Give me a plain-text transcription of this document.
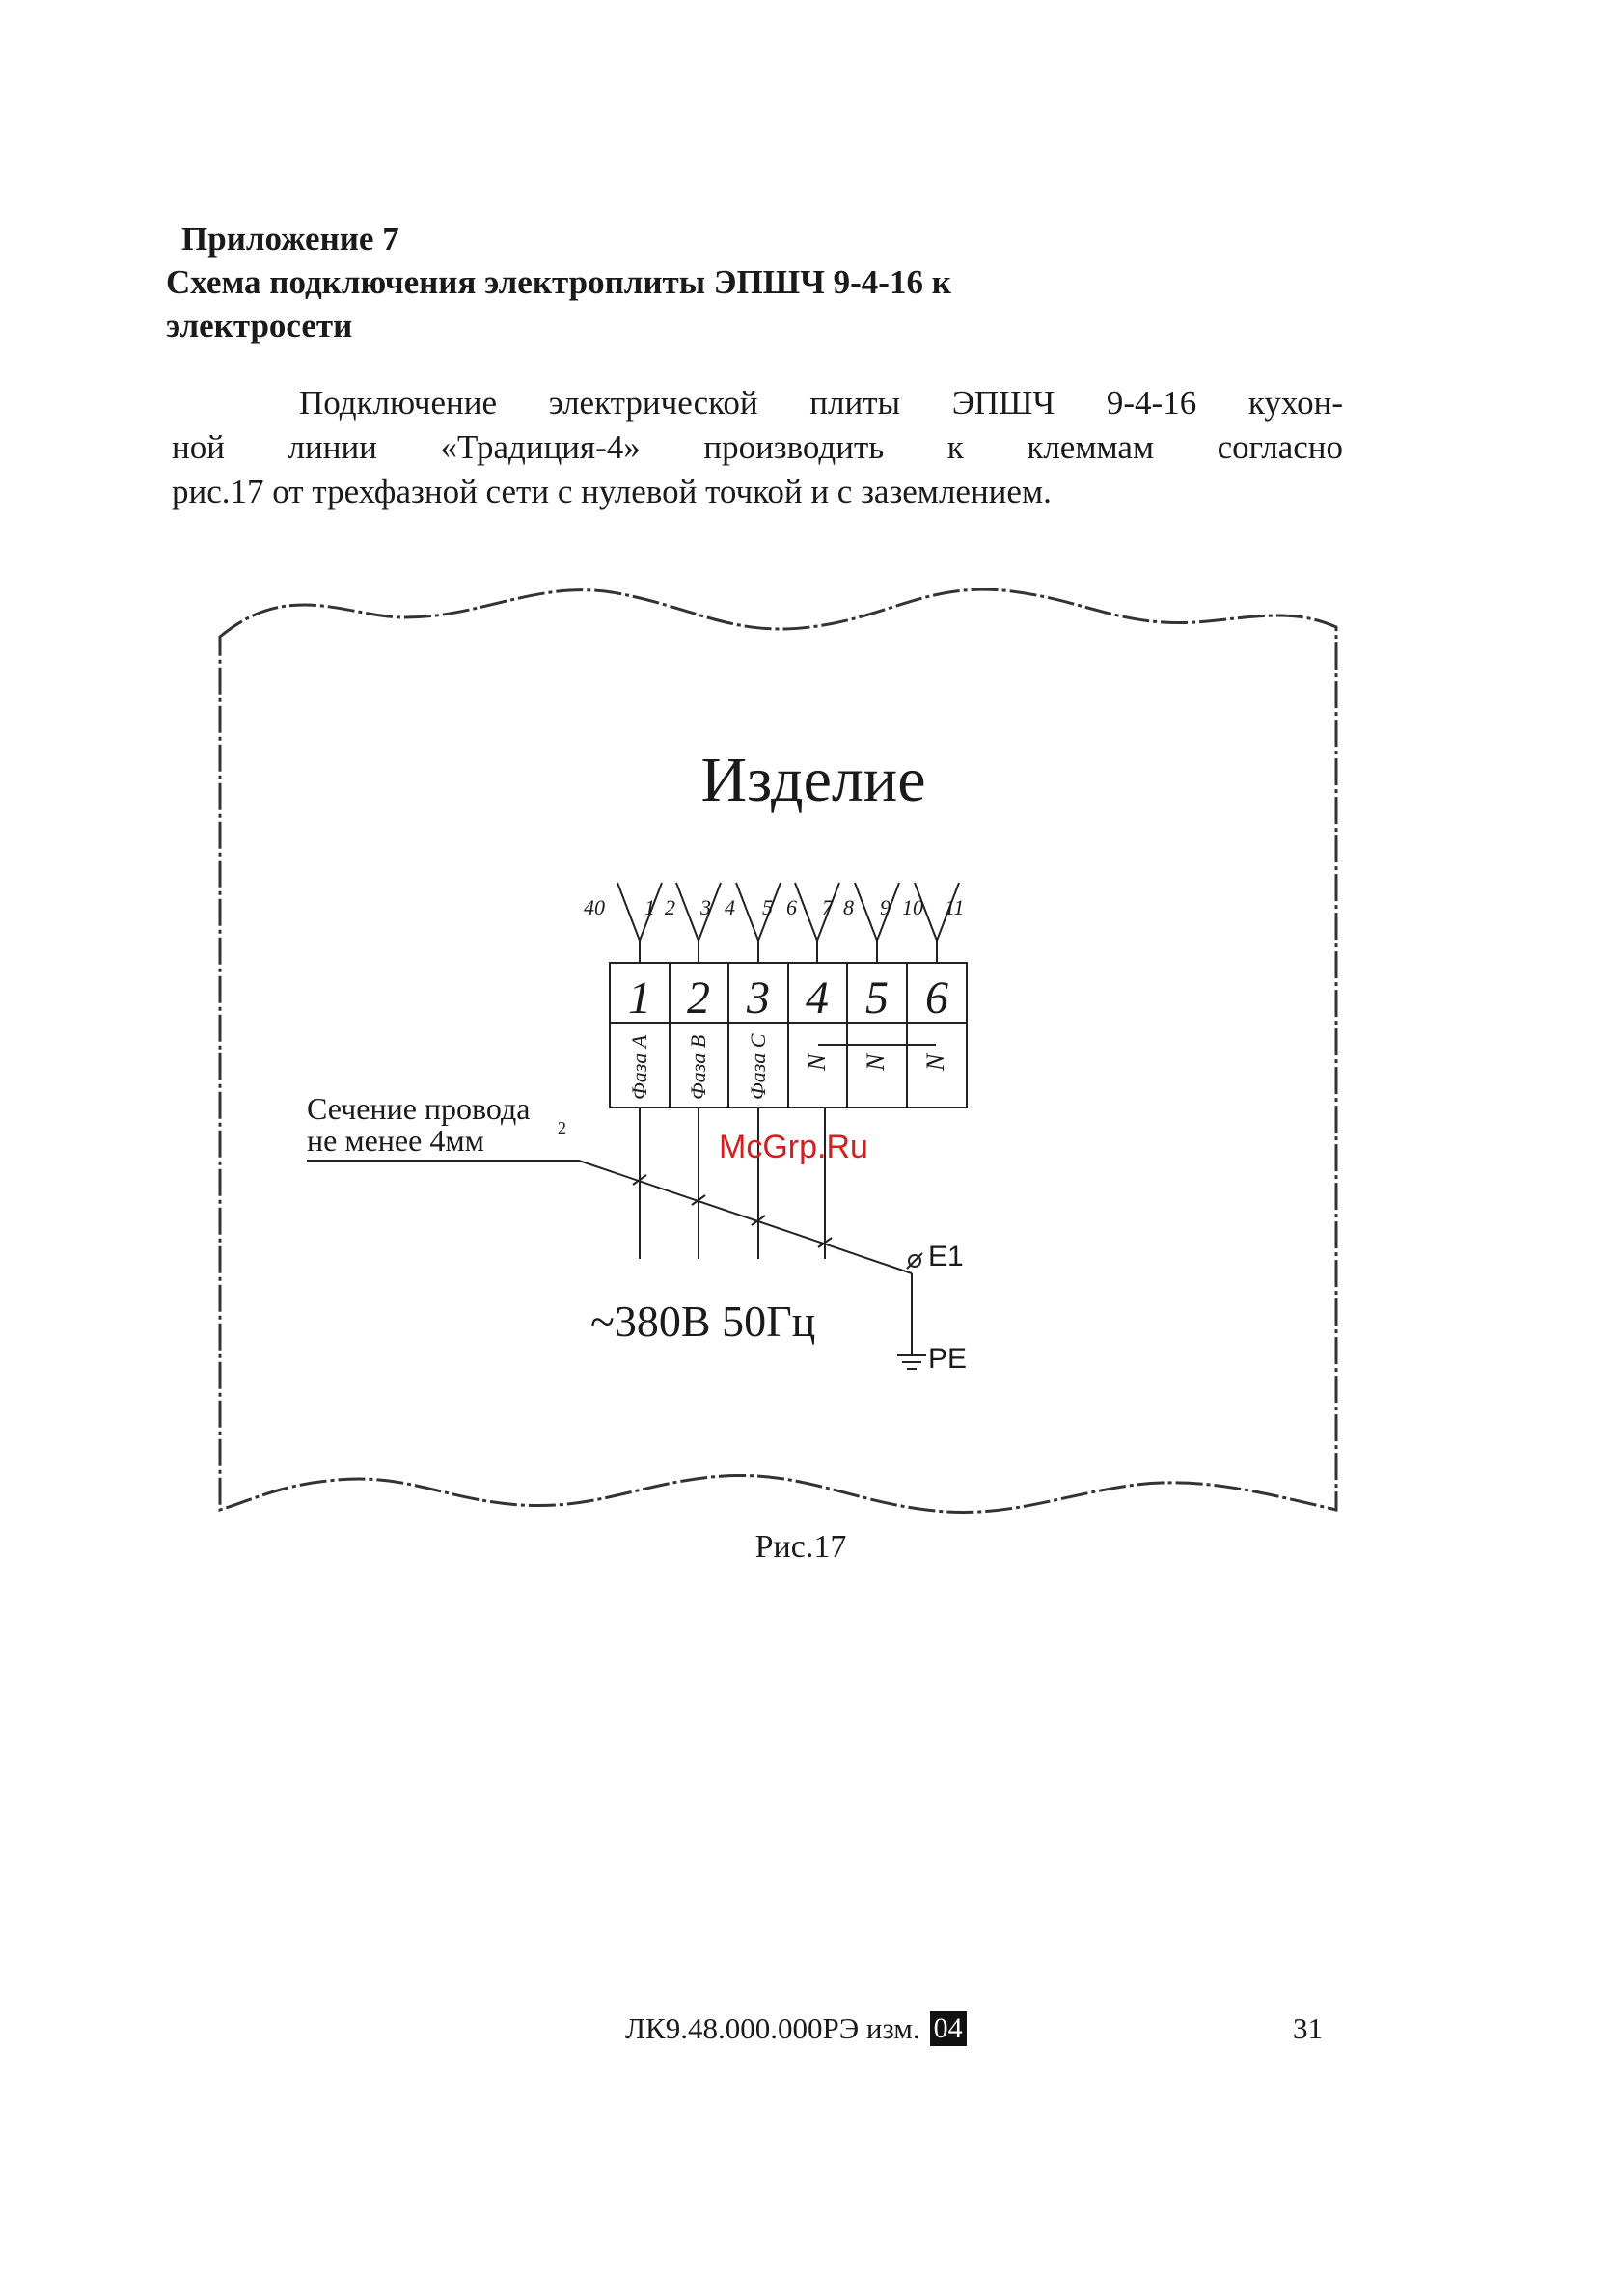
Приложение 7
Схема подключения электроплиты ЭПШЧ 9-4-16 к
электросети
Подключение электрической плиты ЭПШЧ 9-4-16 кухон-
ной линии «Традиция-4» производить к клеммам согласно
рис.17 от трехфазной сети с нулевой точкой и с заземлением.
Изделие
1 2 3 4 5 6
Фаза A Фаза B Фаза C N N N
40 1 2 3 4 5 6 7 8 9 10 11
Сечение провода
не менее 4мм	2
~380В 50Гц
E1
PE
McGrp.Ru
Рис.17
ЛК9.48.000.000РЭ изм. 04	31
